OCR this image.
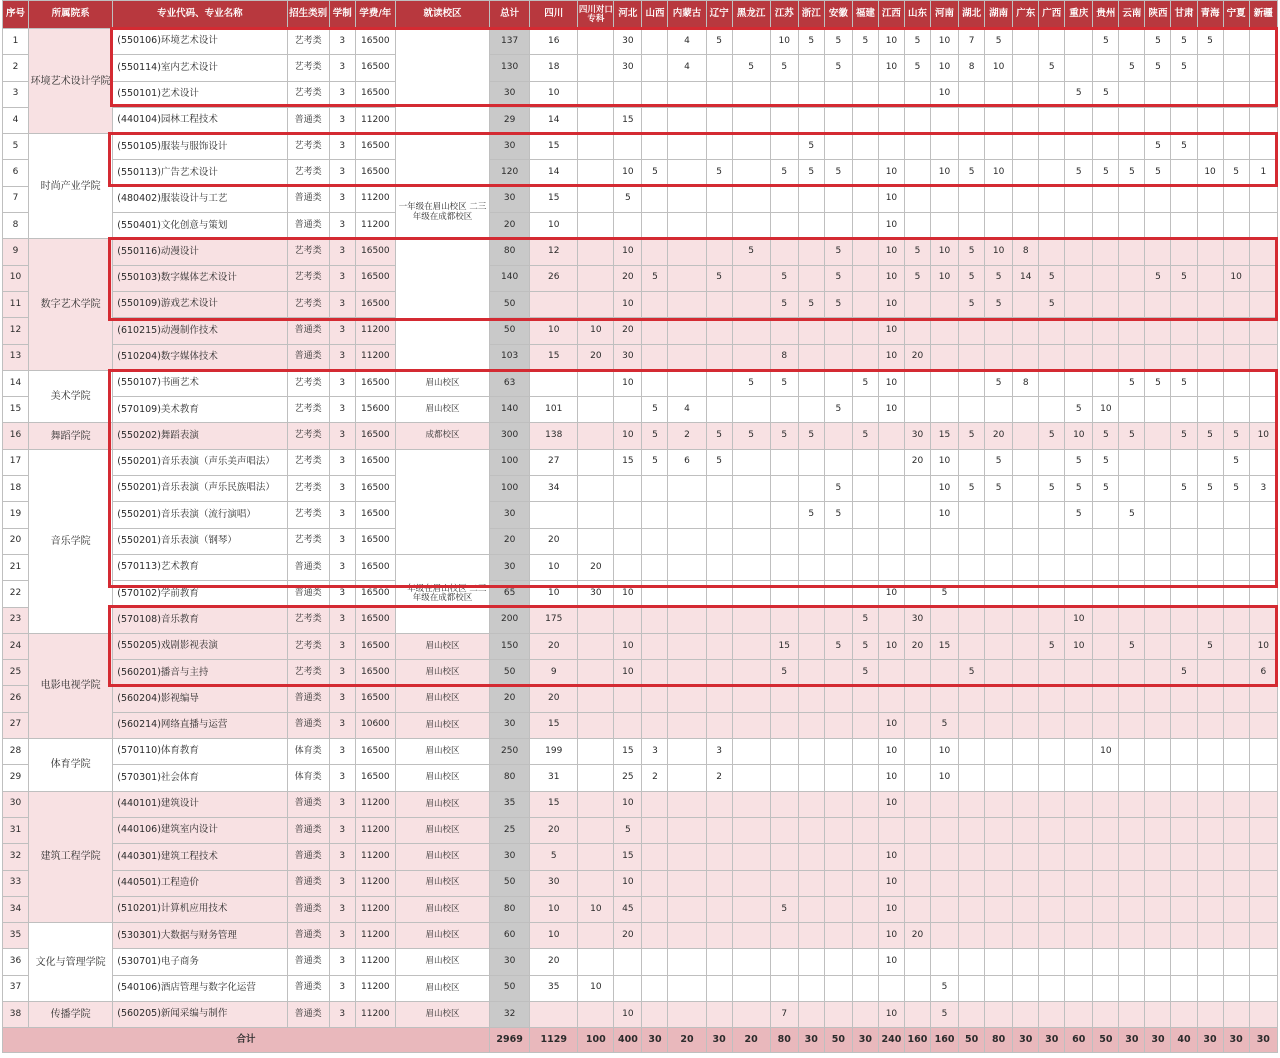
序号	所属院系	专业代码、专业名称	招生类别	学制	学费/年	就读校区	总计	四川	四川对口专科	河北	山西	内蒙古	辽宁	黑龙江	江苏	浙江	安徽	福建	江西	山东	河南	湖北	湖南	广东	广西	重庆	贵州	云南	陕西	甘肃	青海	宁夏	新疆
1	环境艺术设计学院	(550106)环境艺术设计	艺考类	3	16500		137	16		30		4	5		10	5	5	5	10	5	10	7	5				5		5	5	5		
2		(550114)室内艺术设计	艺考类	3	16500		130	18		30		4		5	5		5		10	5	10	8	10		5			5	5	5			
3		(550101)艺术设计	艺考类	3	16500		30	10													10					5	5						
4		(440104)园林工程技术	普通类	3	11200		29	14		15																							
5	时尚产业学院	(550105)服装与服饰设计	艺考类	3	16500		30	15								5													5	5			
6		(550113)广告艺术设计	艺考类	3	16500		120	14		10	5		5		5	5	5		10		10	5	10			5	5	5	5		10	5	1
7		(480402)服装设计与工艺	普通类	3	11200	一年级在眉山校区 二三年级在成都校区	30	15		5									10														
8		(550401)文化创意与策划	普通类	3	11200		20	10											10														
9	数字艺术学院	(550116)动漫设计	艺考类	3	16500		80	12		10				5			5		10	5	10	5	10	8									
10		(550103)数字媒体艺术设计	艺考类	3	16500		140	26		20	5		5		5		5		10	5	10	5	5	14	5				5	5		10	
11		(550109)游戏艺术设计	艺考类	3	16500		50			10					5	5	5		10			5	5		5								
12		(610215)动漫制作技术	普通类	3	11200		50	10	10	20									10														
13		(510204)数字媒体技术	普通类	3	11200		103	15	20	30					8				10	20													
14	美术学院	(550107)书画艺术	艺考类	3	16500	眉山校区	63			10				5	5			5	10				5	8				5	5	5			
15		(570109)美术教育	艺考类	3	15600	眉山校区	140	101			5	4					5		10							5	10						
16	舞蹈学院	(550202)舞蹈表演	艺考类	3	16500	成都校区	300	138		10	5	2	5	5	5	5		5		30	15	5	20		5	10	5	5		5	5	5	10
17	音乐学院	(550201)音乐表演（声乐美声唱法）	艺考类	3	16500		100	27		15	5	6	5							20	10		5			5	5					5	
18		(550201)音乐表演（声乐民族唱法）	艺考类	3	16500		100	34									5				10	5	5		5	5	5			5	5	5	3
19		(550201)音乐表演（流行演唱）	艺考类	3	16500		30									5	5				10					5		5					
20		(550201)音乐表演（钢琴）	艺考类	3	16500		20	20																									
21		(570113)艺术教育	普通类	3	16500	一年级在眉山校区 二三年级在成都校区	30	10	20																								
22		(570102)学前教育	普通类	3	16500		65	10	30	10									10		5												
23		(570108)音乐教育	艺考类	3	16500		200	175										5		30						10							
24	电影电视学院	(550205)戏剧影视表演	艺考类	3	16500	眉山校区	150	20		10					15		5	5	10	20	15				5	10		5			5		10
25		(560201)播音与主持	艺考类	3	16500	眉山校区	50	9		10					5			5				5								5			6
26		(560204)影视编导	普通类	3	16500	眉山校区	20	20																									
27		(560214)网络直播与运营	普通类	3	10600	眉山校区	30	15											10		5												
28	体育学院	(570110)体育教育	体育类	3	16500	眉山校区	250	199		15	3		3						10		10						10						
29		(570301)社会体育	体育类	3	16500	眉山校区	80	31		25	2		2						10		10												
30	建筑工程学院	(440101)建筑设计	普通类	3	11200	眉山校区	35	15		10									10														
31		(440106)建筑室内设计	普通类	3	11200	眉山校区	25	20		5																							
32		(440301)建筑工程技术	普通类	3	11200	眉山校区	30	5		15									10														
33		(440501)工程造价	普通类	3	11200	眉山校区	50	30		10									10														
34		(510201)计算机应用技术	普通类	3	11200	眉山校区	80	10	10	45					5				10														
35	文化与管理学院	(530301)大数据与财务管理	普通类	3	11200	眉山校区	60	10		20									10	20													
36		(530701)电子商务	普通类	3	11200	眉山校区	30	20											10														
37		(540106)酒店管理与数字化运营	普通类	3	11200	眉山校区	50	35	10												5												
38	传播学院	(560205)新闻采编与制作	普通类	3	11200	眉山校区	32			10					7				10		5												
合计							2969	1129	100	400	30	20	30	20	80	30	50	30	240	160	160	50	80	30	30	60	50	30	30	40	30	30	30
